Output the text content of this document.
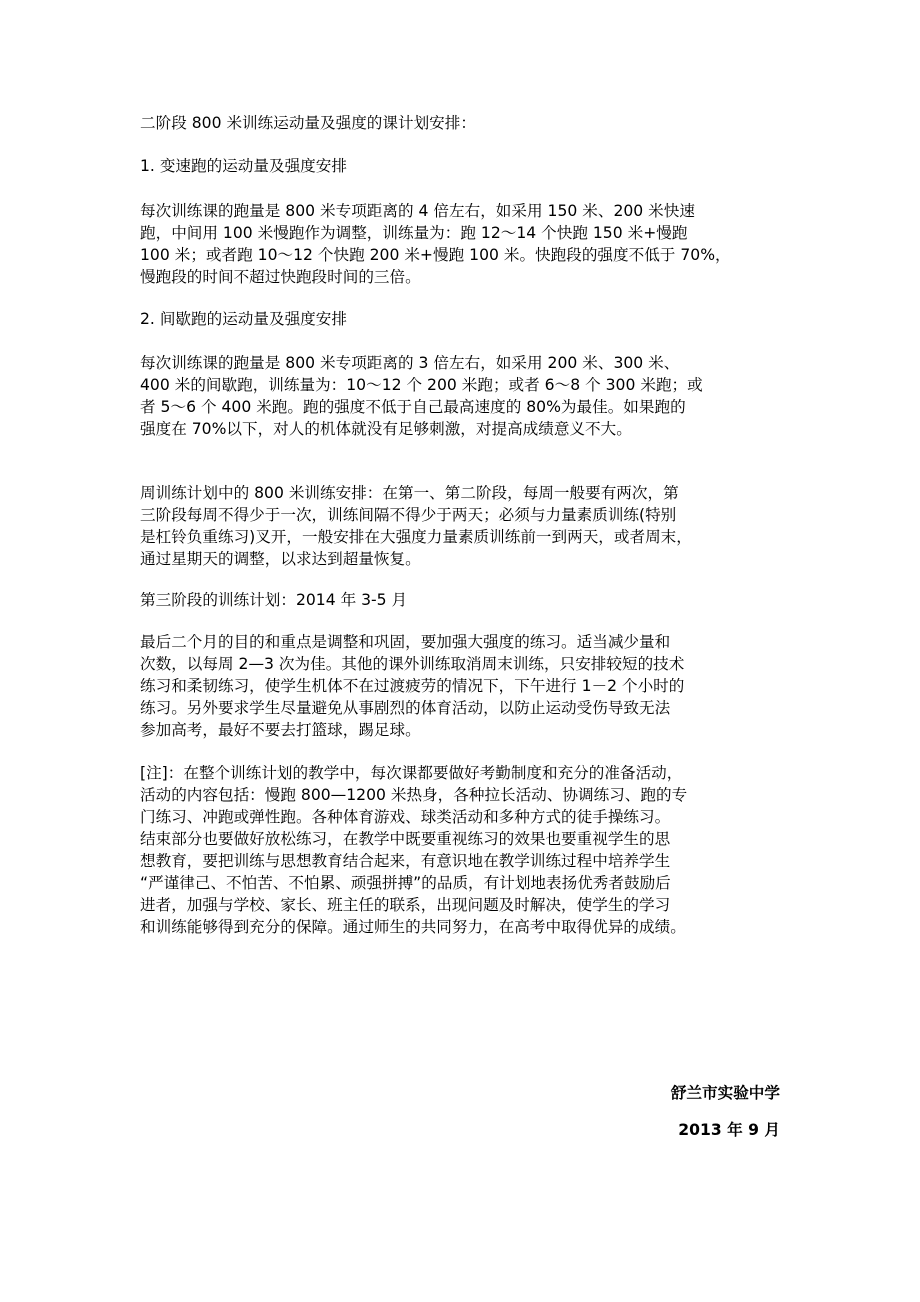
二阶段 800 米训练运动量及强度的课计划安排：

1. 变速跑的运动量及强度安排

每次训练课的跑量是 800 米专项距离的 4 倍左右，如采用 150 米、200 米快速
跑，中间用 100 米慢跑作为调整，训练量为：跑 12～14 个快跑 150 米+慢跑
100 米；或者跑 10～12 个快跑 200 米+慢跑 100 米。快跑段的强度不低于 70%，
慢跑段的时间不超过快跑段时间的三倍。

2. 间歇跑的运动量及强度安排

每次训练课的跑量是 800 米专项距离的 3 倍左右，如采用 200 米、300 米、
400 米的间歇跑，训练量为：10～12 个 200 米跑；或者 6～8 个 300 米跑；或
者 5～6 个 400 米跑。跑的强度不低于自己最高速度的 80%为最佳。如果跑的
强度在 70%以下，对人的机体就没有足够刺激，对提高成绩意义不大。
周训练计划中的 800 米训练安排：在第一、第二阶段，每周一般要有两次，第
三阶段每周不得少于一次，训练间隔不得少于两天；必须与力量素质训练(特别
是杠铃负重练习)叉开，一般安排在大强度力量素质训练前一到两天，或者周末，
通过星期天的调整，以求达到超量恢复。

第三阶段的训练计划：2014 年 3-5 月

最后二个月的目的和重点是调整和巩固，要加强大强度的练习。适当减少量和
次数，以每周 2—3 次为佳。其他的课外训练取消周末训练，只安排较短的技术
练习和柔韧练习，使学生机体不在过渡疲劳的情况下，下午进行 1－2 个小时的
练习。另外要求学生尽量避免从事剧烈的体育活动，以防止运动受伤导致无法
参加高考，最好不要去打篮球，踢足球。
[注]：在整个训练计划的教学中，每次课都要做好考勤制度和充分的准备活动，
活动的内容包括：慢跑 800—1200 米热身，各种拉长活动、协调练习、跑的专
门练习、冲跑或弹性跑。各种体育游戏、球类活动和多种方式的徒手操练习。
结束部分也要做好放松练习，在教学中既要重视练习的效果也要重视学生的思
想教育，要把训练与思想教育结合起来，有意识地在教学训练过程中培养学生
“严谨律己、不怕苦、不怕累、顽强拼搏”的品质，有计划地表扬优秀者鼓励后
进者，加强与学校、家长、班主任的联系，出现问题及时解决，使学生的学习
和训练能够得到充分的保障。通过师生的共同努力，在高考中取得优异的成绩。

舒兰市实验中学

2013 年 9 月
